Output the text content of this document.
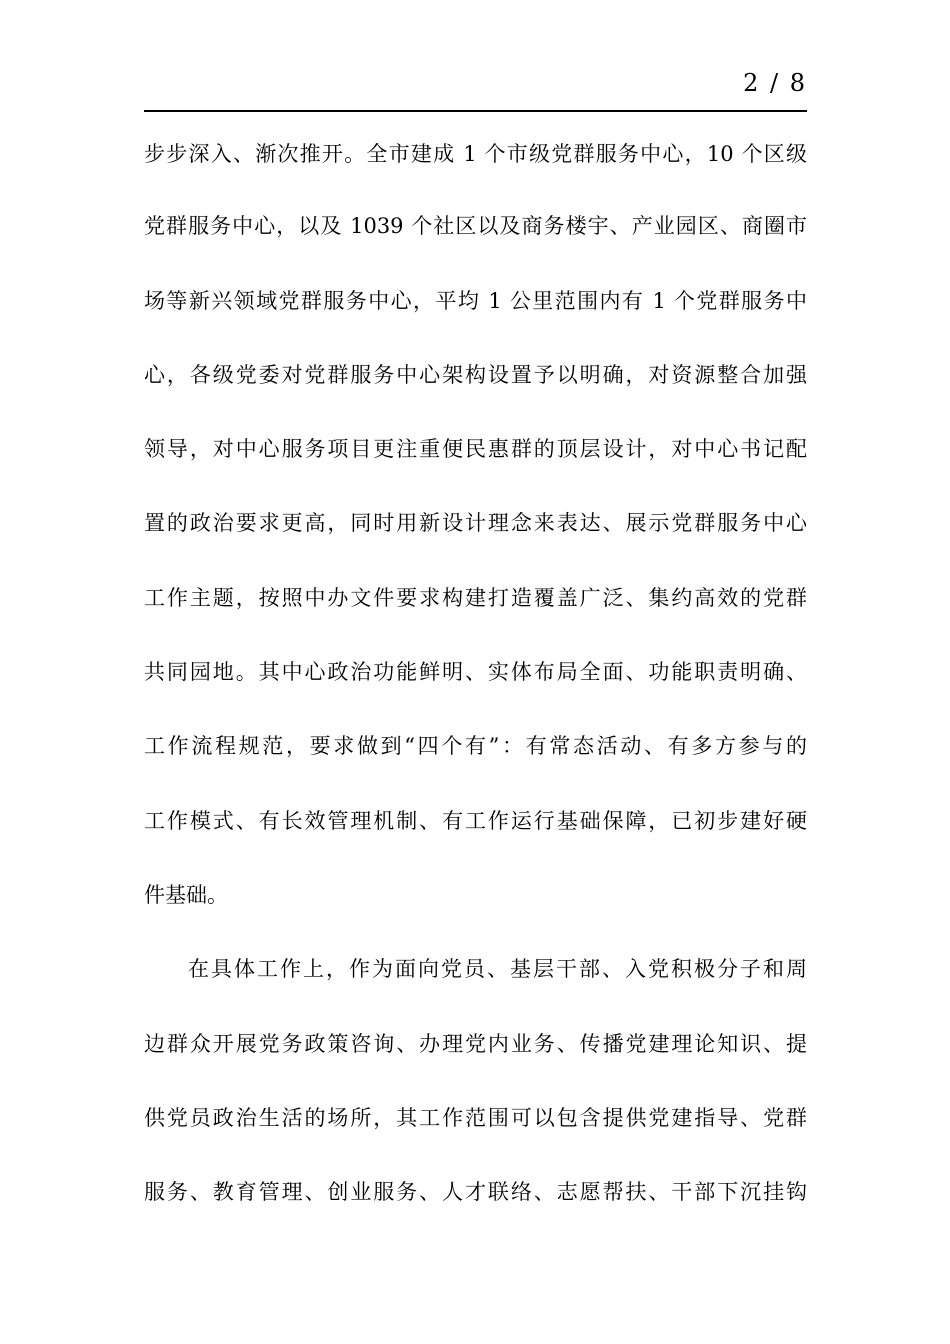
2 / 8
步步深入、渐次推开。全市建成 1 个市级党群服务中心，10 个区级
党群服务中心，以及 1039 个社区以及商务楼宇、产业园区、商圈市
场等新兴领域党群服务中心，平均 1 公里范围内有 1 个党群服务中
心，各级党委对党群服务中心架构设置予以明确，对资源整合加强
领导，对中心服务项目更注重便民惠群的顶层设计，对中心书记配
置的政治要求更高，同时用新设计理念来表达、展示党群服务中心
工作主题，按照中办文件要求构建打造覆盖广泛、集约高效的党群
共同园地。其中心政治功能鲜明、实体布局全面、功能职责明确、
工作流程规范，要求做到“四个有”：有常态活动、有多方参与的
工作模式、有长效管理机制、有工作运行基础保障，已初步建好硬
件基础。
在具体工作上，作为面向党员、基层干部、入党积极分子和周
边群众开展党务政策咨询、办理党内业务、传播党建理论知识、提
供党员政治生活的场所，其工作范围可以包含提供党建指导、党群
服务、教育管理、创业服务、人才联络、志愿帮扶、干部下沉挂钩
